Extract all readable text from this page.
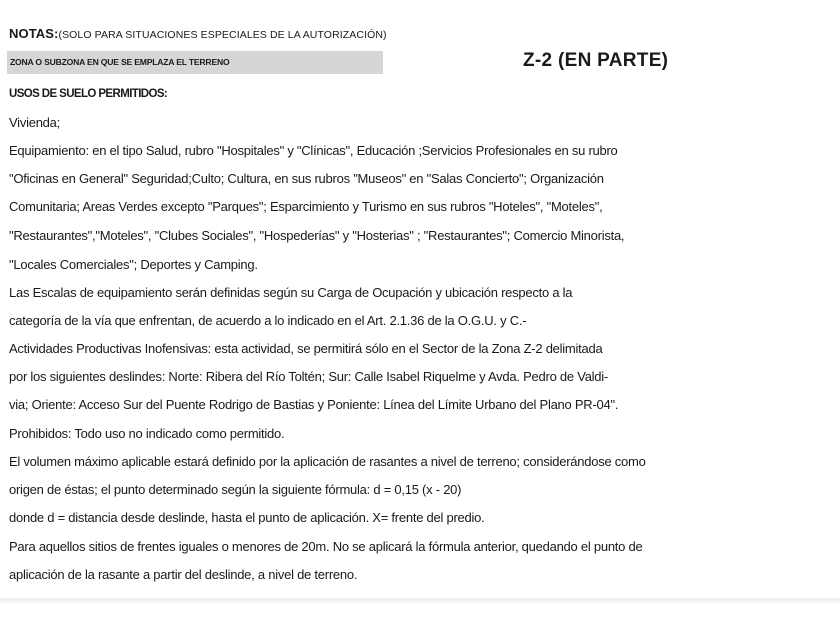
NOTAS:(SOLO PARA SITUACIONES ESPECIALES DE LA AUTORIZACIÓN)
ZONA O SUBZONA EN QUE SE EMPLAZA EL TERRENO	Z-2 (EN PARTE)
USOS DE SUELO PERMITIDOS:
Vivienda;
Equipamiento: en el tipo Salud, rubro "Hospitales" y "Clínicas", Educación ;Servicios Profesionales en su rubro
"Oficinas en General" Seguridad;Culto; Cultura, en sus rubros "Museos" en "Salas Concierto"; Organización
Comunitaria; Areas Verdes excepto "Parques"; Esparcimiento y Turismo en sus rubros "Hoteles", "Moteles",
"Restaurantes","Moteles", "Clubes Sociales", "Hospederías" y "Hosterias" ; "Restaurantes"; Comercio Minorista,
"Locales Comerciales"; Deportes y Camping.
Las Escalas de equipamiento serán definidas según su Carga de Ocupación y ubicación respecto a la
categoría de la vía que enfrentan, de acuerdo a lo indicado en el Art. 2.1.36 de la O.G.U. y C.-
Actividades Productivas Inofensivas: esta actividad, se permitirá sólo en el Sector de la Zona Z-2 delimitada
por los siguientes deslindes: Norte: Ribera del Río Toltén; Sur: Calle Isabel Riquelme y Avda. Pedro de Valdi-
via; Oriente: Acceso Sur del Puente Rodrigo de Bastias y Poniente: Línea del Límite Urbano del Plano PR-04".
Prohibidos: Todo uso no indicado como permitido.
El volumen máximo aplicable estará definido por la aplicación de rasantes a nivel de terreno; considerándose como
origen de éstas; el punto determinado según la siguiente fórmula: d = 0,15 (x - 20)
donde d = distancia desde deslinde, hasta el punto de aplicación. X= frente del predio.
Para aquellos sitios de frentes iguales o menores de 20m. No se aplicará la fórmula anterior, quedando el punto de
aplicación de la rasante a partir del deslinde, a nivel de terreno.
